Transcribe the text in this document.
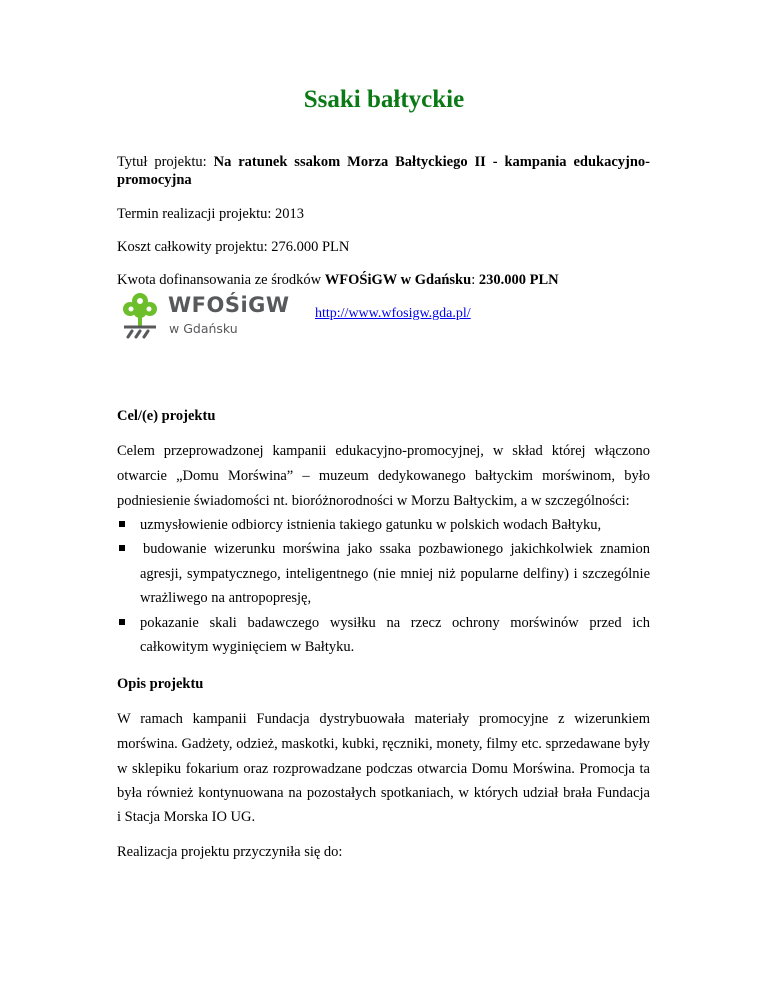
Ssaki bałtyckie
Tytuł projektu: Na ratunek ssakom Morza Bałtyckiego II - kampania edukacyjno-
promocyjna
Termin realizacji projektu: 2013
Koszt całkowity projektu: 276.000 PLN
Kwota dofinansowania ze środków WFOŚiGW w Gdańsku: 230.000 PLN
WFOŚiGW
w Gdańsku
http://www.wfosigw.gda.pl/
Cel/(e) projektu
Celem przeprowadzonej kampanii edukacyjno-promocyjnej, w skład której włączono
otwarcie „Domu Morświna” – muzeum dedykowanego bałtyckim morświnom, było
podniesienie świadomości nt. bioróżnorodności w Morzu Bałtyckim, a w szczególności:
uzmysłowienie odbiorcy istnienia takiego gatunku w polskich wodach Bałtyku,
budowanie wizerunku morświna jako ssaka pozbawionego jakichkolwiek znamion
agresji, sympatycznego, inteligentnego (nie mniej niż popularne delfiny) i szczególnie
wrażliwego na antropopresję,
pokazanie skali badawczego wysiłku na rzecz ochrony morświnów przed ich
całkowitym wyginięciem w Bałtyku.
Opis projektu
W ramach kampanii Fundacja dystrybuowała materiały promocyjne z wizerunkiem
morświna. Gadżety, odzież, maskotki, kubki, ręczniki, monety, filmy etc. sprzedawane były
w sklepiku fokarium oraz rozprowadzane podczas otwarcia Domu Morświna. Promocja ta
była również kontynuowana na pozostałych spotkaniach, w których udział brała Fundacja
i Stacja Morska IO UG.
Realizacja projektu przyczyniła się do:
